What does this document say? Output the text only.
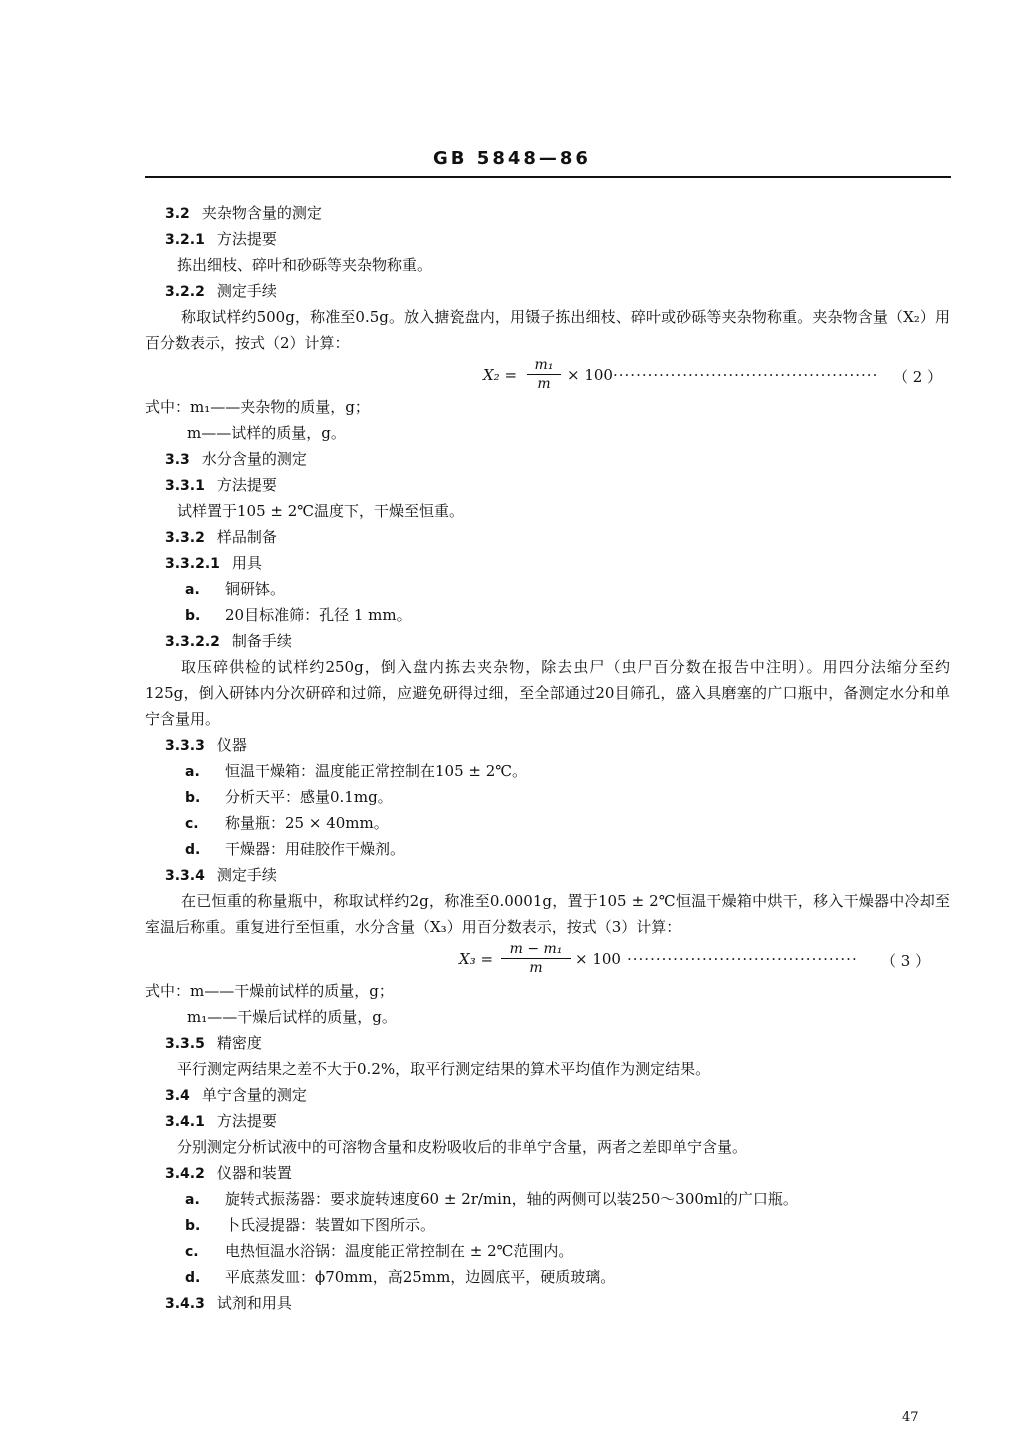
GB 5848—86
3.2 夹杂物含量的测定
3.2.1 方法提要
拣出细枝、碎叶和砂砾等夹杂物称重。
3.2.2 测定手续
称取试样约500g，称准至0.5g。放入搪瓷盘内，用镊子拣出细枝、碎叶或砂砾等夹杂物称重。夹杂物含量（X₂）用百分数表示，按式（2）计算：
$X_2 = \frac{\text{m₁}}{m} \times 100$ ·············································· （ 2 ）
式中：m₁——夹杂物的质量，g；
m——试样的质量，g。
3.3 水分含量的测定
3.3.1 方法提要
试样置于105 ± 2℃温度下，干燥至恒重。
3.3.2 样品制备
3.3.2.1 用具
a. 铜研钵。
b. 20目标准筛：孔径 1 mm。
3.3.2.2 制备手续
取压碎供检的试样约250g，倒入盘内拣去夹杂物，除去虫尸（虫尸百分数在报告中注明）。用四分法缩分至约125g，倒入研钵内分次研碎和过筛，应避免研得过细，至全部通过20目筛孔，盛入具磨塞的广口瓶中，备测定水分和单宁含量用。
3.3.3 仪器
a. 恒温干燥箱：温度能正常控制在105 ± 2℃。
b. 分析天平：感量0.1mg。
c. 称量瓶：25 × 40mm。
d. 干燥器：用硅胶作干燥剂。
3.3.4 测定手续
在已恒重的称量瓶中，称取试样约2g，称准至0.0001g，置于105 ± 2℃恒温干燥箱中烘干，移入干燥器中冷却至室温后称重。重复进行至恒重，水分含量（X₃）用百分数表示，按式（3）计算：
$X_3 = \frac{\text{m − m₁}}{m} \times 100$ ········································	（ 3 ）
式中：m——干燥前试样的质量，g；
m₁——干燥后试样的质量，g。
3.3.5 精密度
平行测定两结果之差不大于0.2%，取平行测定结果的算术平均值作为测定结果。
3.4 单宁含量的测定
3.4.1 方法提要
分别测定分析试液中的可溶物含量和皮粉吸收后的非单宁含量，两者之差即单宁含量。
3.4.2 仪器和装置
a. 旋转式振荡器：要求旋转速度60 ± 2r/min，轴的两侧可以装250～300ml的广口瓶。
b. 卜氏浸提器：装置如下图所示。
c. 电热恒温水浴锅：温度能正常控制在 ± 2℃范围内。
d. 平底蒸发皿：ϕ70mm，高25mm，边圆底平，硬质玻璃。
3.4.3 试剂和用具
47
